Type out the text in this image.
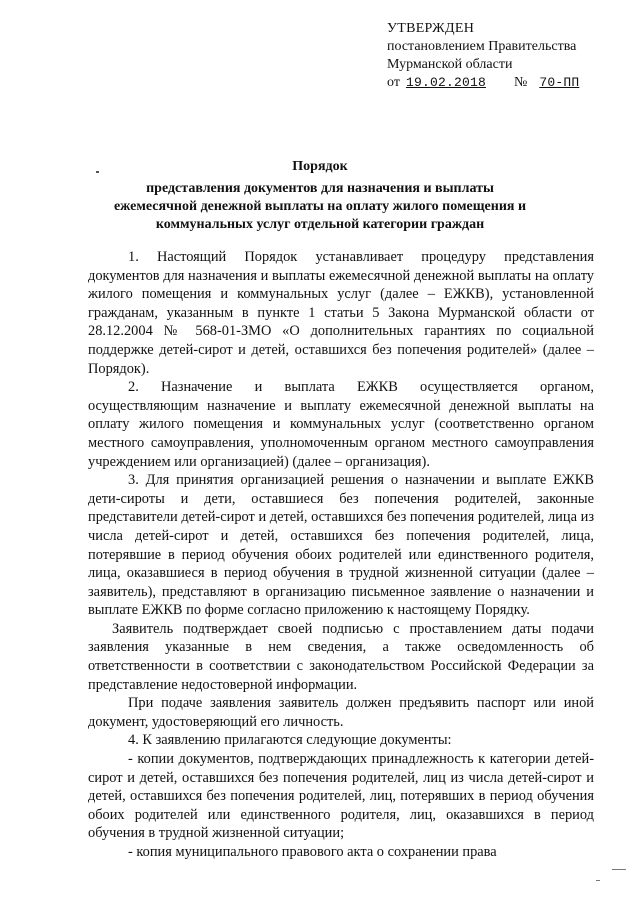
УТВЕРЖДЕН
постановлением Правительства
Мурманской области
от 19.02.2018 № 70-ПП
Порядок
представления документов для назначения и выплаты ежемесячной денежной выплаты на оплату жилого помещения и коммунальных услуг отдельной категории граждан

1. Настоящий Порядок устанавливает процедуру представления документов для назначения и выплаты ежемесячной денежной выплаты на оплату жилого помещения и коммунальных услуг (далее – ЕЖКВ), установленной гражданам, указанным в пункте 1 статьи 5 Закона Мурманской области от 28.12.2004 № 568-01-ЗМО «О дополнительных гарантиях по социальной поддержке детей-сирот и детей, оставшихся без попечения родителей» (далее – Порядок).

2. Назначение и выплата ЕЖКВ осуществляется органом, осуществляющим назначение и выплату ежемесячной денежной выплаты на оплату жилого помещения и коммунальных услуг (соответственно органом местного самоуправления, уполномоченным органом местного самоуправления учреждением или организацией) (далее – организация).

3. Для принятия организацией решения о назначении и выплате ЕЖКВ дети-сироты и дети, оставшиеся без попечения родителей, законные представители детей-сирот и детей, оставшихся без попечения родителей, лица из числа детей-сирот и детей, оставшихся без попечения родителей, лица, потерявшие в период обучения обоих родителей или единственного родителя, лица, оказавшиеся в период обучения в трудной жизненной ситуации (далее – заявитель), представляют в организацию письменное заявление о назначении и выплате ЕЖКВ по форме согласно приложению к настоящему Порядку.

Заявитель подтверждает своей подписью с проставлением даты подачи заявления указанные в нем сведения, а также осведомленность об ответственности в соответствии с законодательством Российской Федерации за представление недостоверной информации.

При подаче заявления заявитель должен предъявить паспорт или иной документ, удостоверяющий его личность.

4. К заявлению прилагаются следующие документы:

- копии документов, подтверждающих принадлежность к категории детей-сирот и детей, оставшихся без попечения родителей, лиц из числа детей-сирот и детей, оставшихся без попечения родителей, лиц, потерявших в период обучения обоих родителей или единственного родителя, лиц, оказавшихся в период обучения в трудной жизненной ситуации;

- копия муниципального правового акта о сохранении права
